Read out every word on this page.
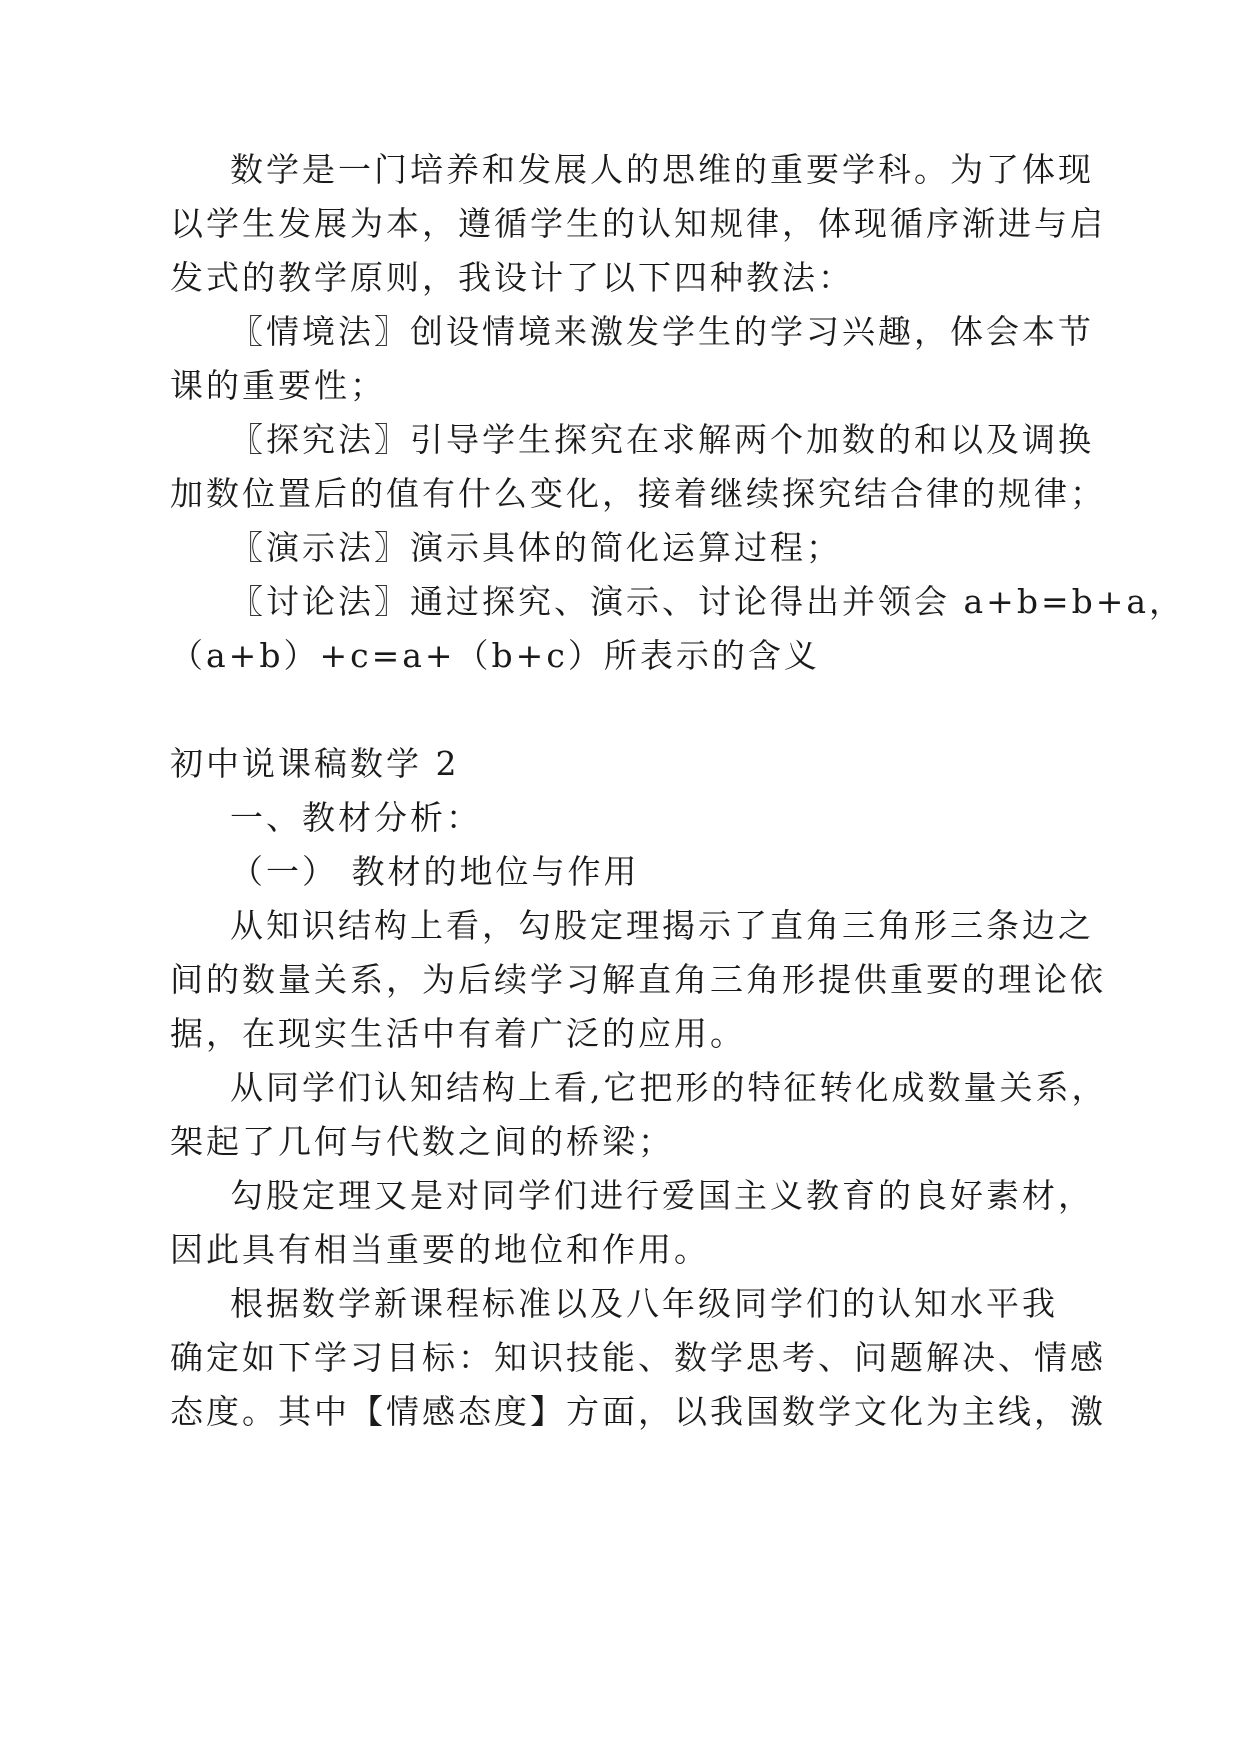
数学是一门培养和发展人的思维的重要学科。为了体现
以学生发展为本，遵循学生的认知规律，体现循序渐进与启
发式的教学原则，我设计了以下四种教法：
〖情境法〗创设情境来激发学生的学习兴趣，体会本节
课的重要性；
〖探究法〗引导学生探究在求解两个加数的和以及调换
加数位置后的值有什么变化，接着继续探究结合律的规律；
〖演示法〗演示具体的简化运算过程；
〖讨论法〗通过探究、演示、讨论得出并领会 a+b=b+a，
（a+b）+c=a+（b+c）所表示的含义
初中说课稿数学 2
一、教材分析：
（一） 教材的地位与作用
从知识结构上看，勾股定理揭示了直角三角形三条边之
间的数量关系，为后续学习解直角三角形提供重要的理论依
据，在现实生活中有着广泛的应用。
从同学们认知结构上看,它把形的特征转化成数量关系，
架起了几何与代数之间的桥梁；
勾股定理又是对同学们进行爱国主义教育的良好素材，
因此具有相当重要的地位和作用。
根据数学新课程标准以及八年级同学们的认知水平我
确定如下学习目标：知识技能、数学思考、问题解决、情感
态度。其中【情感态度】方面，以我国数学文化为主线，激
